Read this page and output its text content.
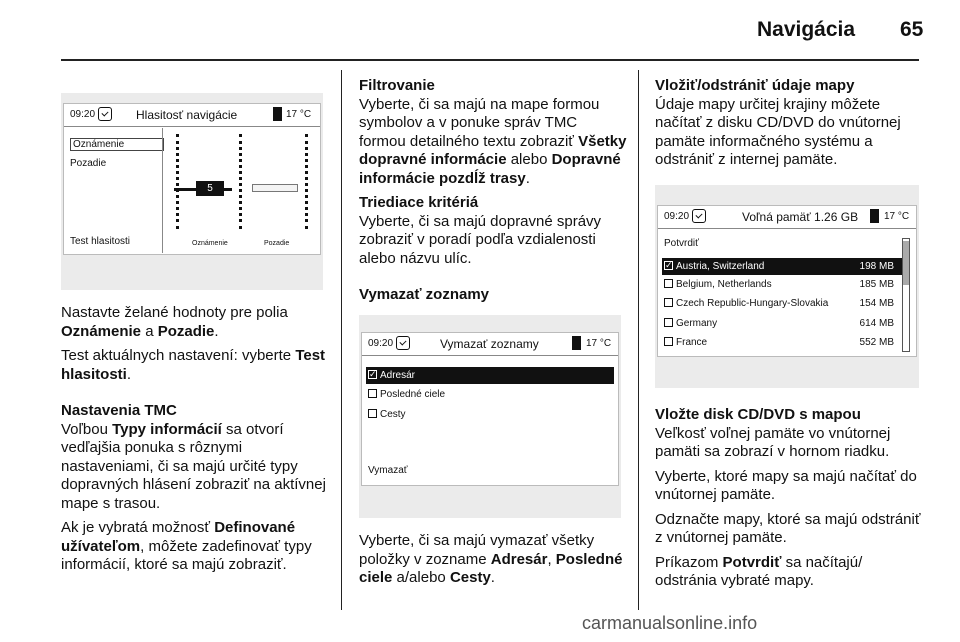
Navigácia 65
09:20	Hlasitosť navigácie	17 °C
Oznámenie
Pozadie
Test hlasitosti
5
Oznámenie	Pozadie

Nastavte želané hodnoty pre polia Oznámenie a Pozadie.

Test aktuálnych nastavení: vyberte Test hlasitosti.

Nastavenia TMC

Voľbou Typy informácií sa otvorí vedľajšia ponuka s rôznymi nastaveniami, či sa majú určité typy dopravných hlásení zobraziť na aktívnej mape s trasou.

Ak je vybratá možnosť Definované užívateľom, môžete zadefinovať typy informácií, ktoré sa majú zobraziť.

Filtrovanie

Vyberte, či sa majú na mape formou symbolov a v ponuke správ TMC formou detailného textu zobraziť Všetky dopravné informácie alebo Dopravné informácie pozdĺž trasy.

Triediace kritériá

Vyberte, či sa majú dopravné správy zobraziť v poradí podľa vzdialenosti alebo názvu ulíc.

Vymazať zoznamy
09:20	Vymazať zoznamy	17 °C
✓Adresár
Posledné ciele
Cesty
Vymazať

Vyberte, či sa majú vymazať všetky položky v zozname Adresár, Posledné ciele a/alebo Cesty.

Vložiť/odstrániť údaje mapy

Údaje mapy určitej krajiny môžete načítať z disku CD/DVD do vnútornej pamäte informačného systému a odstrániť z internej pamäte.

09:20	Voľná pamäť 1.26 GB	17 °C
Potvrdiť
✓Austria, Switzerland	198 MB
Belgium, Netherlands	185 MB
Czech Republic-Hungary-Slovakia	154 MB
Germany	614 MB
France	552 MB
Vložte disk CD/DVD s mapou

Veľkosť voľnej pamäte vo vnútornej pamäti sa zobrazí v hornom riadku.

Vyberte, ktoré mapy sa majú načítať do vnútornej pamäte.

Odznačte mapy, ktoré sa majú odstrániť z vnútornej pamäte.

Príkazom Potvrdiť sa načítajú/ odstránia vybraté mapy.

carmanualsonline.info
